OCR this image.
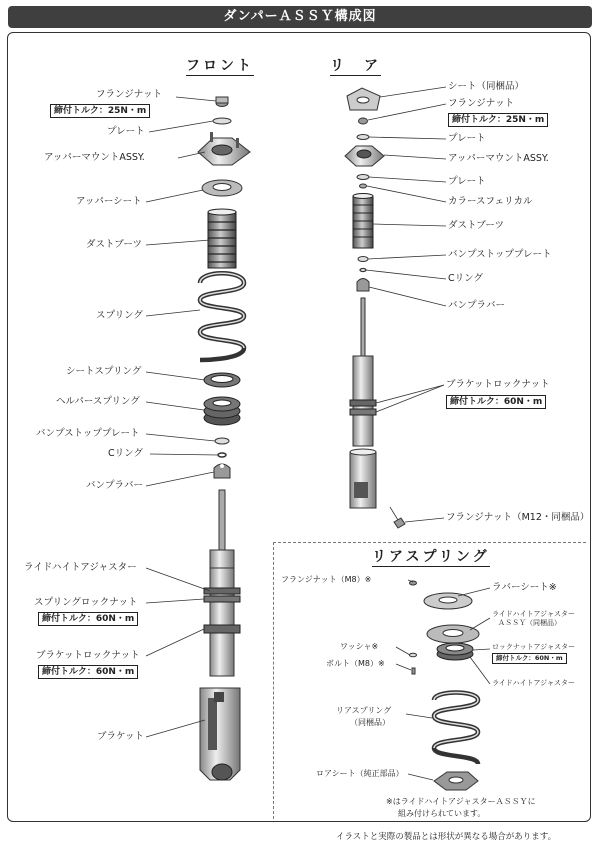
ダンパーＡＳＳＹ構成図
フロント	リ　ア
リアスプリング
フランジナット
締付トルク：25N・m
プレート
アッパーマウントASSY.
アッパーシート
ダストブーツ
スプリング
シートスプリング
ヘルパースプリング
バンプストッププレート
Cリング
バンプラバー
ライドハイトアジャスター
スプリングロックナット
締付トルク：60N・m
ブラケットロックナット
締付トルク：60N・m
ブラケット
シート（同梱品）
フランジナット
締付トルク：25N・m
プレート
アッパーマウントASSY.
プレート
カラースフェリカル
ダストブーツ
バンプストッププレート
Cリング
バンプラバー
ブラケットロックナット
締付トルク：60N・m
フランジナット（M12・同梱品）
フランジナット（M8）※
ラバーシート※
ライドハイトアジャスター
ＡＳＳＹ（同梱品）
ロックナットアジャスター
締付トルク：60N・m
ワッシャ※
ボルト（M8）※
ライドハイトアジャスター
リアスプリング
（同梱品）
ロアシート（純正部品）
※はライドハイトアジャスターＡＳＳＹに
組み付けられています。
イラストと実際の製品とは形状が異なる場合があります。
